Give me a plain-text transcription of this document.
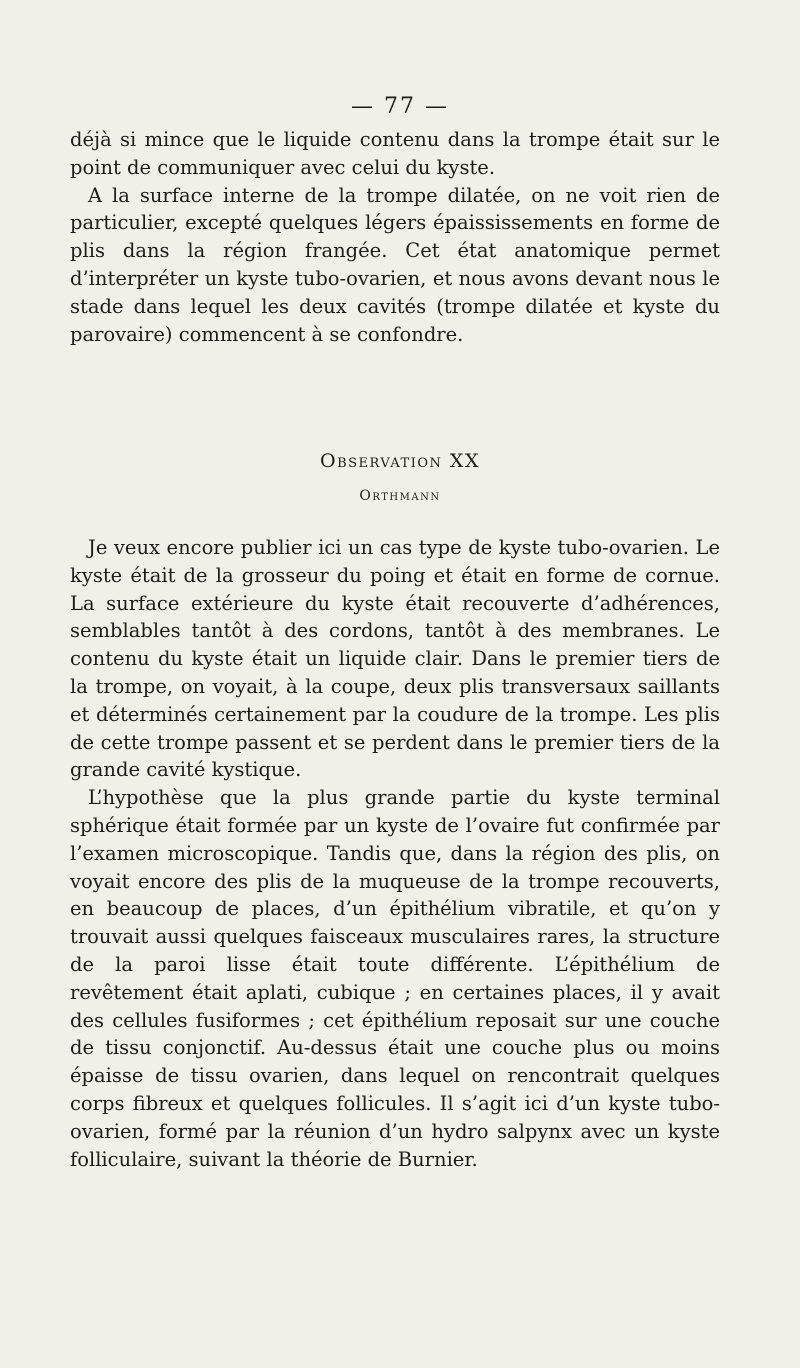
— 77 —

déjà si mince que le liquide contenu dans la trompe était sur le point de communiquer avec celui du kyste.

A la surface interne de la trompe dilatée, on ne voit rien de particulier, excepté quelques légers épaississements en forme de plis dans la région frangée. Cet état anatomique permet d’interpréter un kyste tubo-ovarien, et nous avons devant nous le stade dans lequel les deux cavités (trompe dilatée et kyste du parovaire) commencent à se confondre.

Observation XX
Orthmann

Je veux encore publier ici un cas type de kyste tubo-ovarien. Le kyste était de la grosseur du poing et était en forme de cornue. La surface extérieure du kyste était recouverte d’adhérences, semblables tantôt à des cordons, tantôt à des membranes. Le contenu du kyste était un liquide clair. Dans le premier tiers de la trompe, on voyait, à la coupe, deux plis transversaux saillants et déterminés certainement par la coudure de la trompe. Les plis de cette trompe passent et se perdent dans le premier tiers de la grande cavité kystique.

L’hypothèse que la plus grande partie du kyste terminal sphérique était formée par un kyste de l’ovaire fut confirmée par l’examen microscopique. Tandis que, dans la région des plis, on voyait encore des plis de la muqueuse de la trompe recouverts, en beaucoup de places, d’un épithélium vibratile, et qu’on y trouvait aussi quelques faisceaux musculaires rares, la structure de la paroi lisse était toute différente. L’épithélium de revêtement était aplati, cubique ; en certaines places, il y avait des cellules fusiformes ; cet épithélium reposait sur une couche de tissu conjonctif. Au-dessus était une couche plus ou moins épaisse de tissu ovarien, dans lequel on rencontrait quelques corps fibreux et quelques follicules. Il s’agit ici d’un kyste tubo-ovarien, formé par la réunion d’un hydro salpynx avec un kyste folliculaire, suivant la théorie de Burnier.
